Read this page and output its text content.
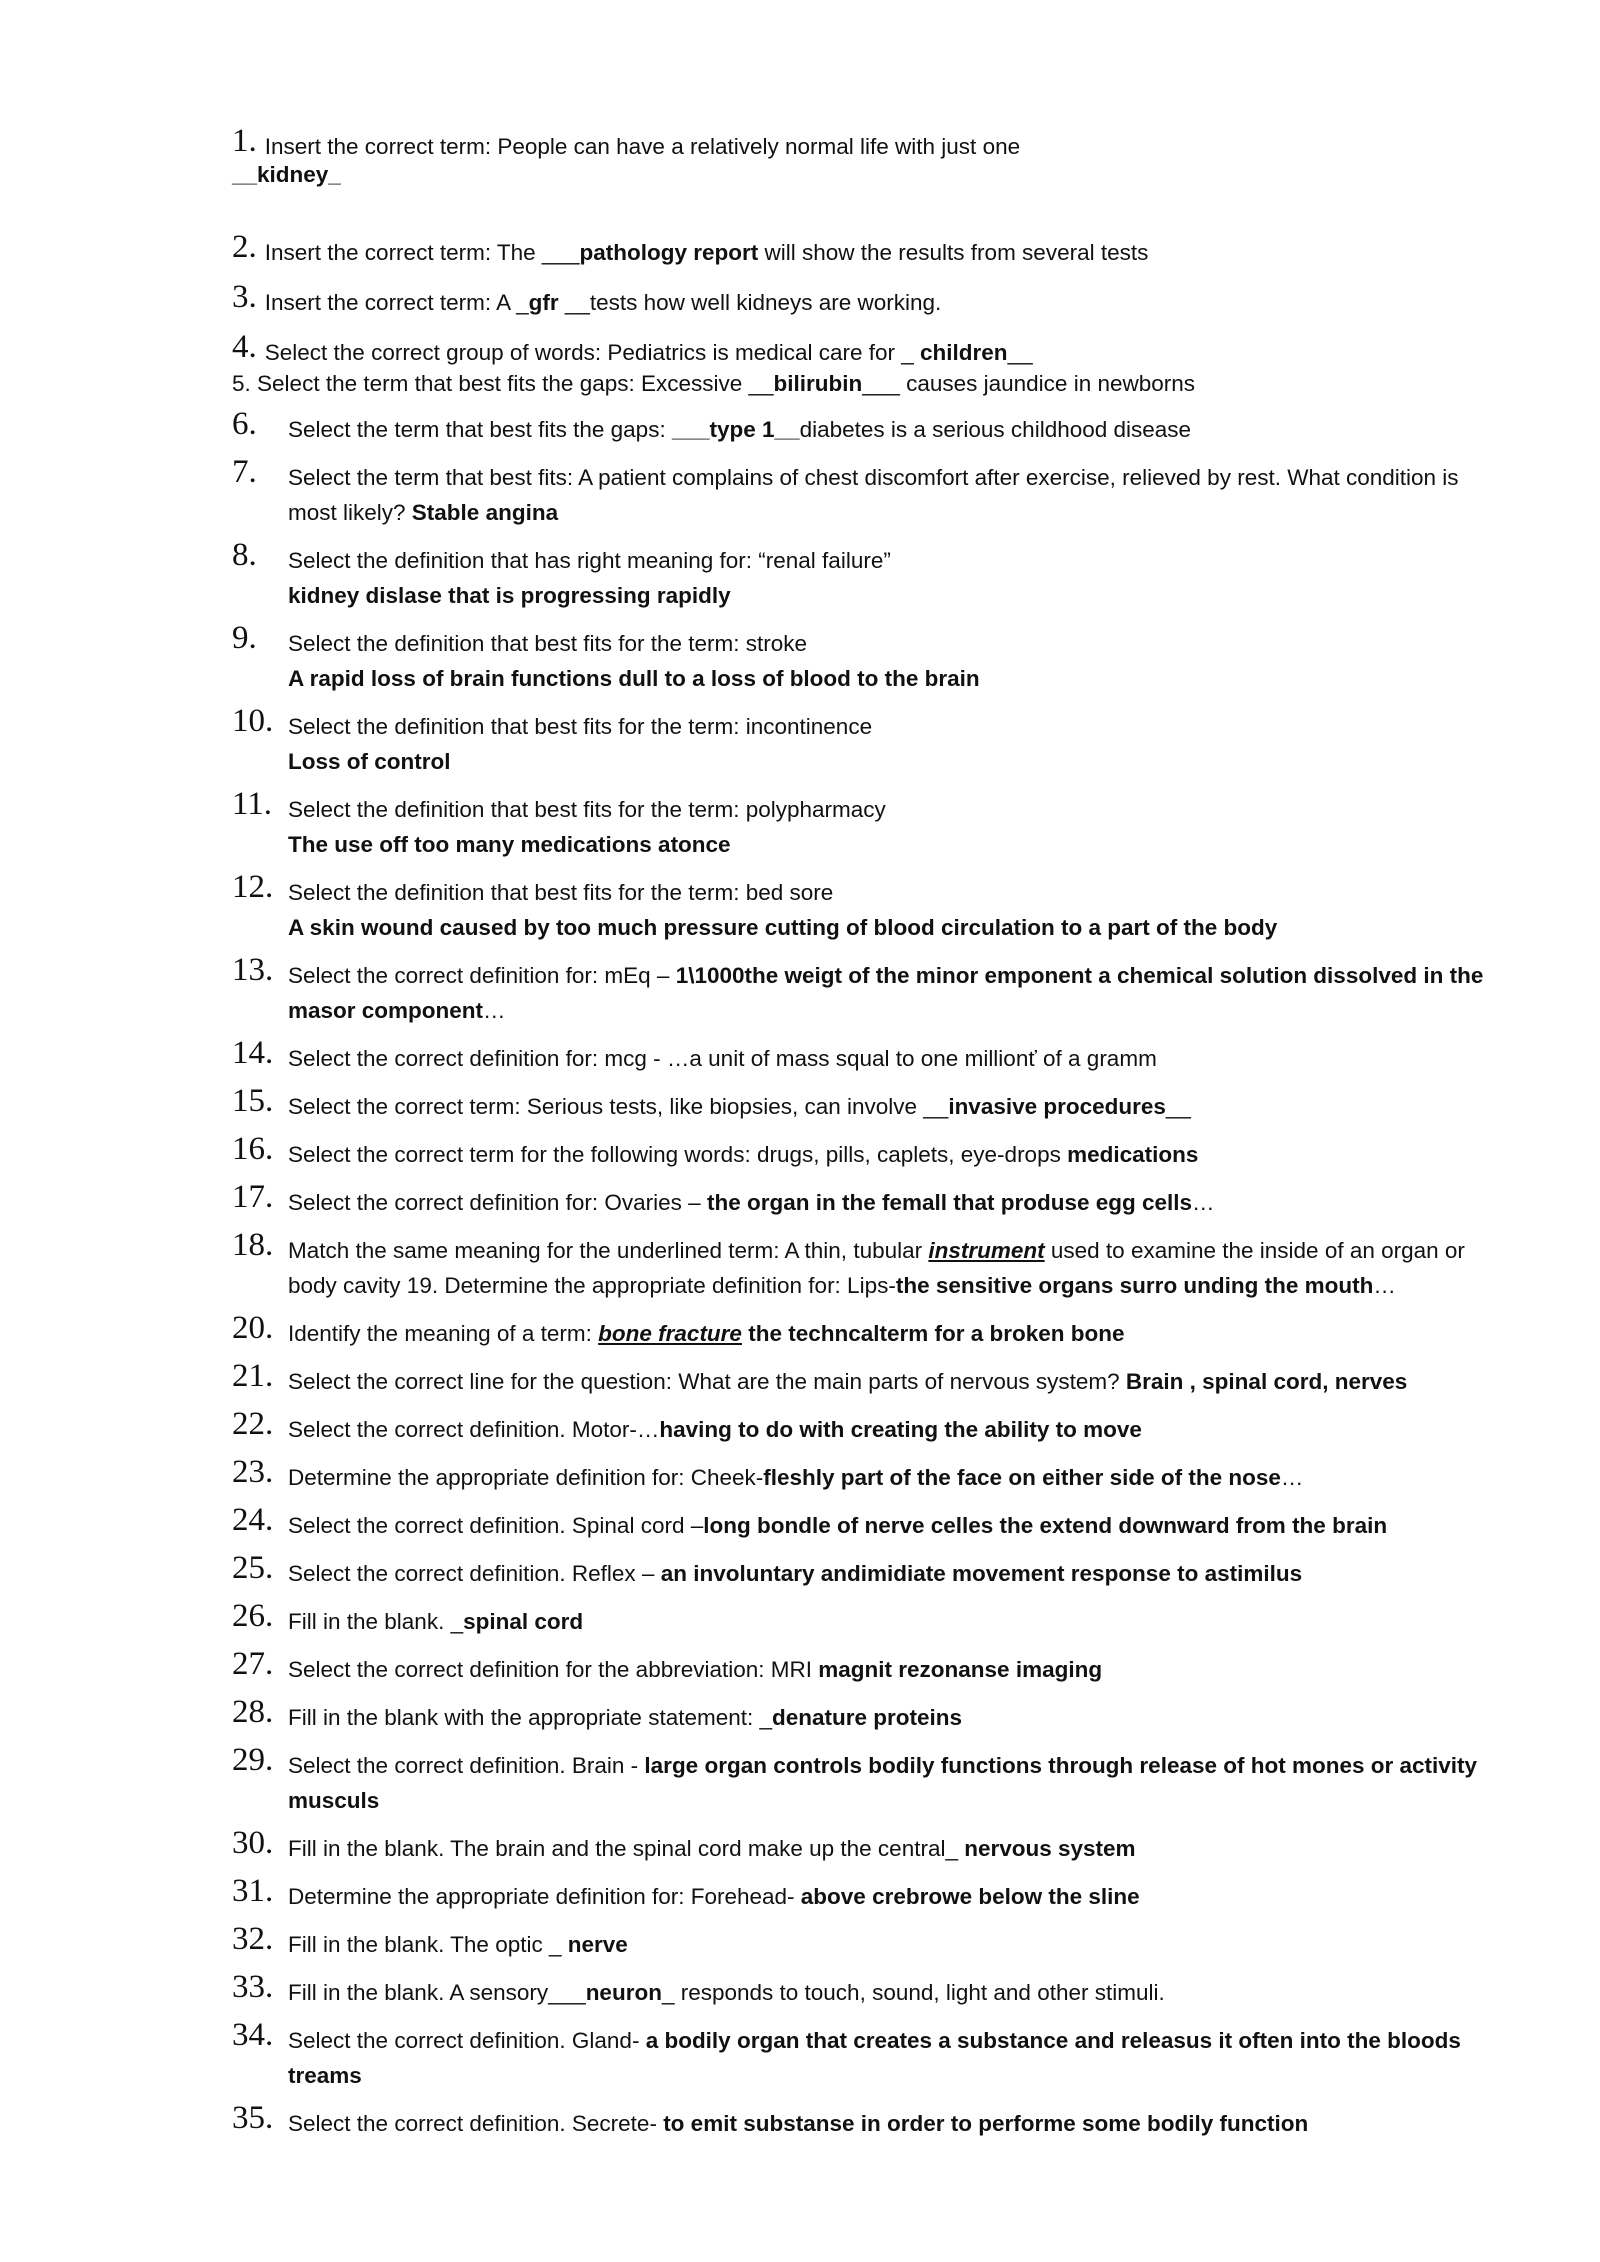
1. Insert the correct term: People can have a relatively normal life with just one
__kidney_
2. Insert the correct term: The ___pathology report will show the results from several tests
3. Insert the correct term: A _gfr __tests how well kidneys are working.
4. Select the correct group of words: Pediatrics is medical care for _ children__
5. Select the term that best fits the gaps: Excessive __bilirubin___ causes jaundice in newborns
6.	Select the term that best fits the gaps: ___type 1__diabetes is a serious childhood disease
7.	Select the term that best fits: A patient complains of chest discomfort after exercise, relieved by rest. What condition is most likely? Stable angina
8.	Select the definition that has right meaning for: “renal failure”
kidney dislase that is progressing rapidly
9.	Select the definition that best fits for the term: stroke
A rapid loss of brain functions dull to a loss of blood to the brain
10. Select the definition that best fits for the term: incontinence
Loss of control
11. Select the definition that best fits for the term: polypharmacy
The use off too many medications atonce
12. Select the definition that best fits for the term: bed sore
A skin wound caused by too much pressure cutting of blood circulation to a part of the body
13. Select the correct definition for: mEq – 1\1000the weigt of the minor emponent a chemical solution dissolved in the masor component…
14. Select the correct definition for: mcg - …a unit of mass squal to one millionť of a gramm
15. Select the correct term: Serious tests, like biopsies, can involve __invasive procedures__
16. Select the correct term for the following words: drugs, pills, caplets, eye-drops medications
17. Select the correct definition for: Ovaries – the organ in the femall that produse egg cells…
18. Match the same meaning for the underlined term: A thin, tubular instrument used to examine the inside of an organ or body cavity 19. Determine the appropriate definition for: Lips-the sensitive organs surro unding the mouth…
20. Identify the meaning of a term: bone fracture the techncalterm for a broken bone
21. Select the correct line for the question: What are the main parts of nervous system? Brain , spinal cord, nerves
22. Select the correct definition. Motor-…having to do with creating the ability to move
23. Determine the appropriate definition for: Cheek-fleshly part of the face on either side of the nose…
24. Select the correct definition. Spinal cord –long bondle of nerve celles the extend downward from the brain
25. Select the correct definition. Reflex – an involuntary andimidiate movement response to astimilus
26. Fill in the blank. _spinal cord
27. Select the correct definition for the abbreviation: MRI magnit rezonanse imaging
28. Fill in the blank with the appropriate statement: _denature proteins
29. Select the correct definition. Brain - large organ controls bodily functions through release of hot mones or activity musculs
30. Fill in the blank. The brain and the spinal cord make up the central_ nervous system
31. Determine the appropriate definition for: Forehead- above crebrowe below the sline
32. Fill in the blank. The optic _ nerve
33. Fill in the blank. A sensory___neuron_ responds to touch, sound, light and other stimuli.
34. Select the correct definition. Gland- a bodily organ that creates a substance and releasus it often into the bloods treams
35. Select the correct definition. Secrete- to emit substanse in order to performe some bodily function
